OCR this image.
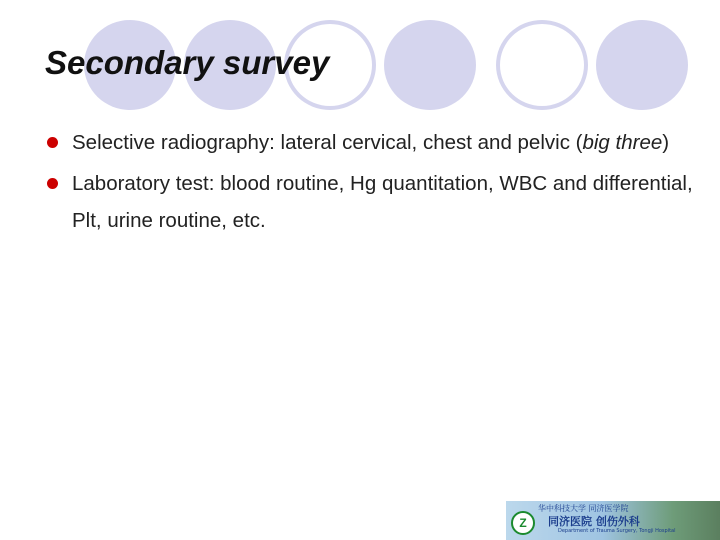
Secondary survey
Selective radiography: lateral cervical, chest and pelvic (big three)
Laboratory test: blood routine, Hg quantitation, WBC and differential, Plt, urine routine, etc.
Z
华中科技大学 同济医学院
同济医院 创伤外科
Department of Trauma Surgery, Tongji Hospital
